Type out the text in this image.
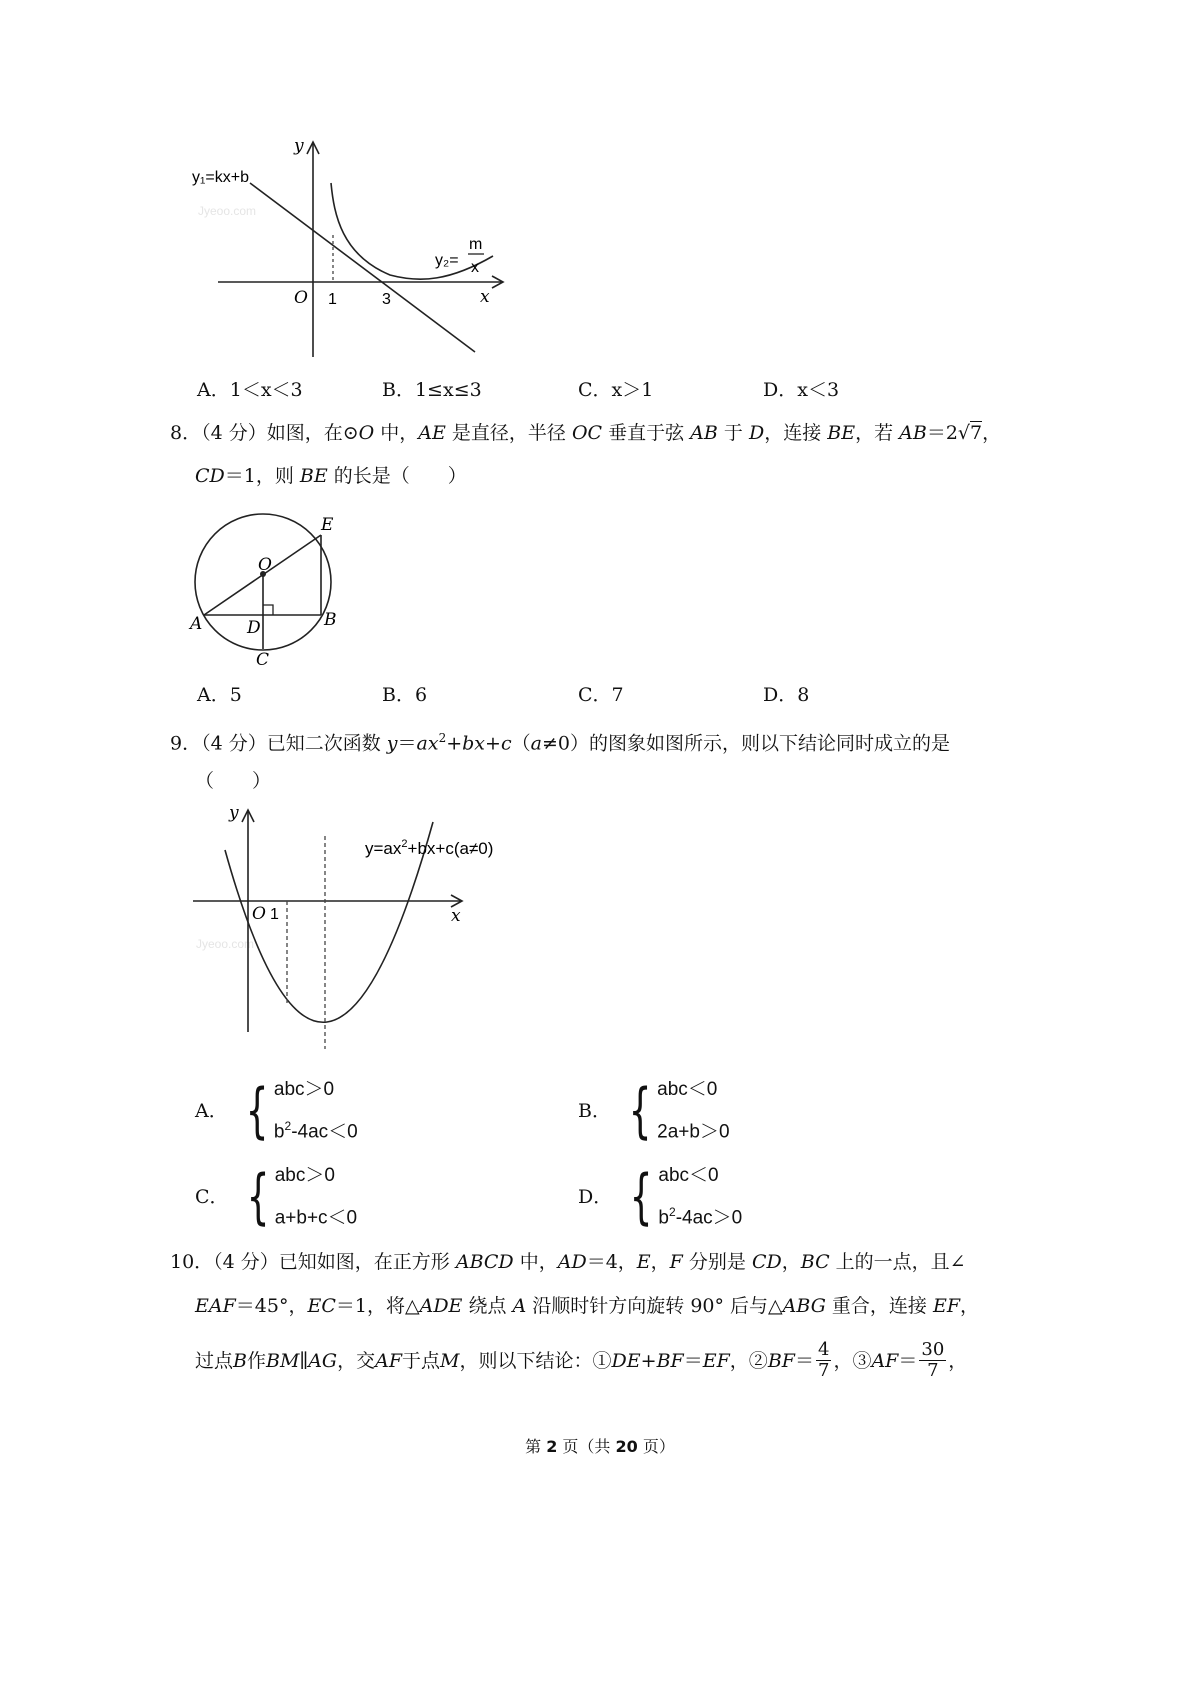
Jyeoo.com
y
x
O 1	3
y₁=kx+b
y₂=
m
x
A．1＜x＜3	B．1≤x≤3	C．x＞1	D．x＜3
8．（4 分）如图，在⊙O 中，AE 是直径，半径 OC 垂直于弦 AB 于 D，连接 BE，若 AB＝2√7，
CD＝1，则 BE 的长是（　　）
O
E
A	B
D
C
A．5	B．6	C．7	D．8
9．（4 分）已知二次函数 $y=ax^2+bx+c(a\ne 0)$的图象如图所示，则以下结论同时成立的是
（　　）
Jyeoo.com
y
x
O 1
$y=ax^2+bx+c(a\ne 0)$
A． { abc＞0
$b^2-4ac<0$
B． { abc＜0
2a+b＞0
C． { abc＞0
a+b+c＜0
D． { abc＜0
$b^2-4ac>0$
10．（4 分）已知如图，在正方形 ABCD 中，AD＝4，E，F 分别是 CD，BC 上的一点，且∠
EAF＝45°，EC＝1，将△ADE 绕点 A 沿顺时针方向旋转 90° 后与△ABG 重合，连接 EF，
过点 B 作 BM ∥ AG ，交 AF 于点 M ，则以下结论：① DE + BF ＝ EF ，② BF ＝ $\frac{4}{7}$ ，③ AF ＝ $\frac{30}{7}$ ，
第 2 页（共 20 页）
